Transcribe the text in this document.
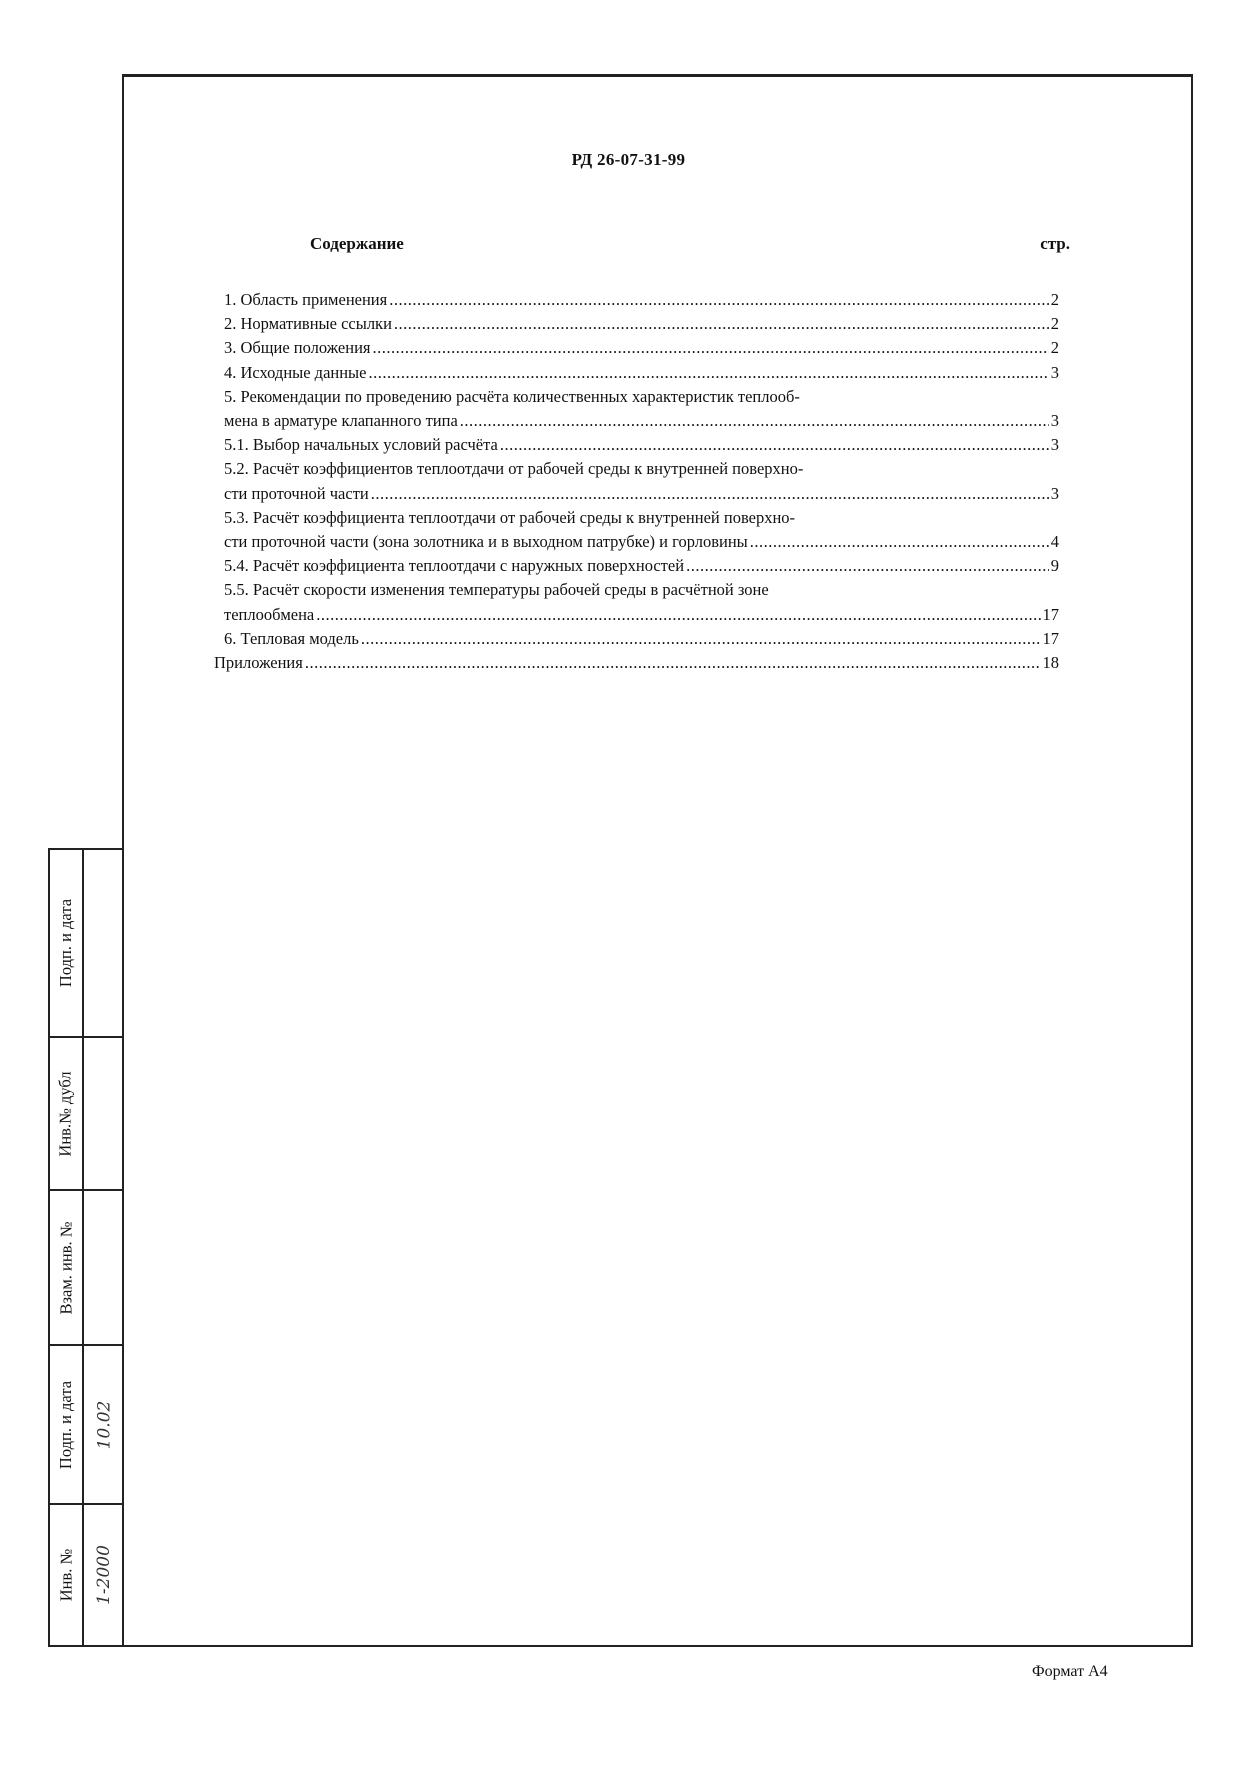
РД 26-07-31-99
Содержание	стр.
1. Область применения .....	2
2. Нормативные ссылки .....	2
3. Общие положения .....	2
4. Исходные данные .....	3
5. Рекомендации по проведению расчёта количественных характеристик теплооб-
мена в арматуре клапанного типа .....	3
5.1. Выбор начальных условий расчёта .....	3
5.2. Расчёт коэффициентов теплоотдачи от рабочей среды к внутренней поверхно-
сти проточной части .....	3
5.3. Расчёт коэффициента теплоотдачи от рабочей среды к внутренней поверхно-
сти проточной части (зона золотника и в выходном патрубке) и горловины .....	4
5.4. Расчёт коэффициента теплоотдачи с наружных поверхностей .....	9
5.5. Расчёт скорости изменения температуры рабочей среды в расчётной зоне
теплообмена .....	17
6. Тепловая модель .....	17
Приложения .....	18
Подп. и дата
Инв.№ дубл
Взам. инв. №
Подп. и дата 10.02
Инв. № 1-2000
Формат А4
